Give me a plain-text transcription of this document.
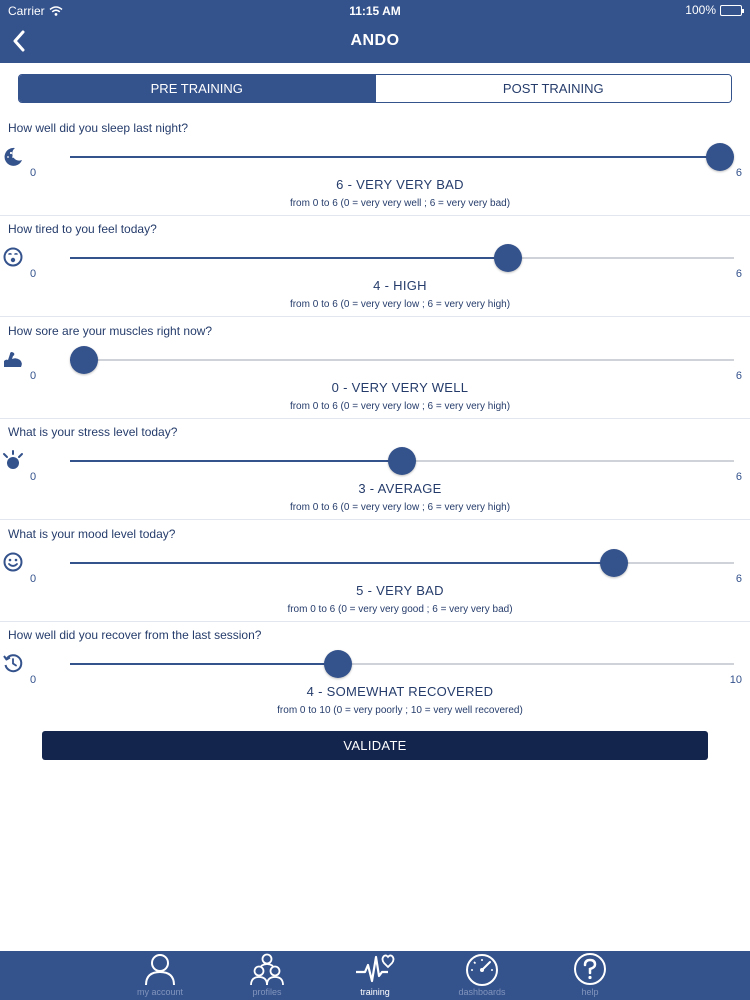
Carrier	11:15 AM	100%
ANDO
PRE TRAINING	POST TRAINING
How well did you sleep last night?
0	6
6 - VERY VERY BAD
from 0 to 6 (0 = very very well ; 6 = very very bad)
How tired to you feel today?
0	6
4 - HIGH
from 0 to 6 (0 = very very low ; 6 = very very high)
How sore are your muscles right now?
0	6
0 - VERY VERY WELL
from 0 to 6 (0 = very very low ; 6 = very very high)
What is your stress level today?
0	6
3 - AVERAGE
from 0 to 6 (0 = very very low ; 6 = very very high)
What is your mood level today?
0	6
5 - VERY BAD
from 0 to 6 (0 = very very good ; 6 = very very bad)
How well did you recover from the last session?
0	10
4 - SOMEWHAT RECOVERED
from 0 to 10 (0 = very poorly ; 10 = very well recovered)
VALIDATE
my account	profiles	training	dashboards	help
